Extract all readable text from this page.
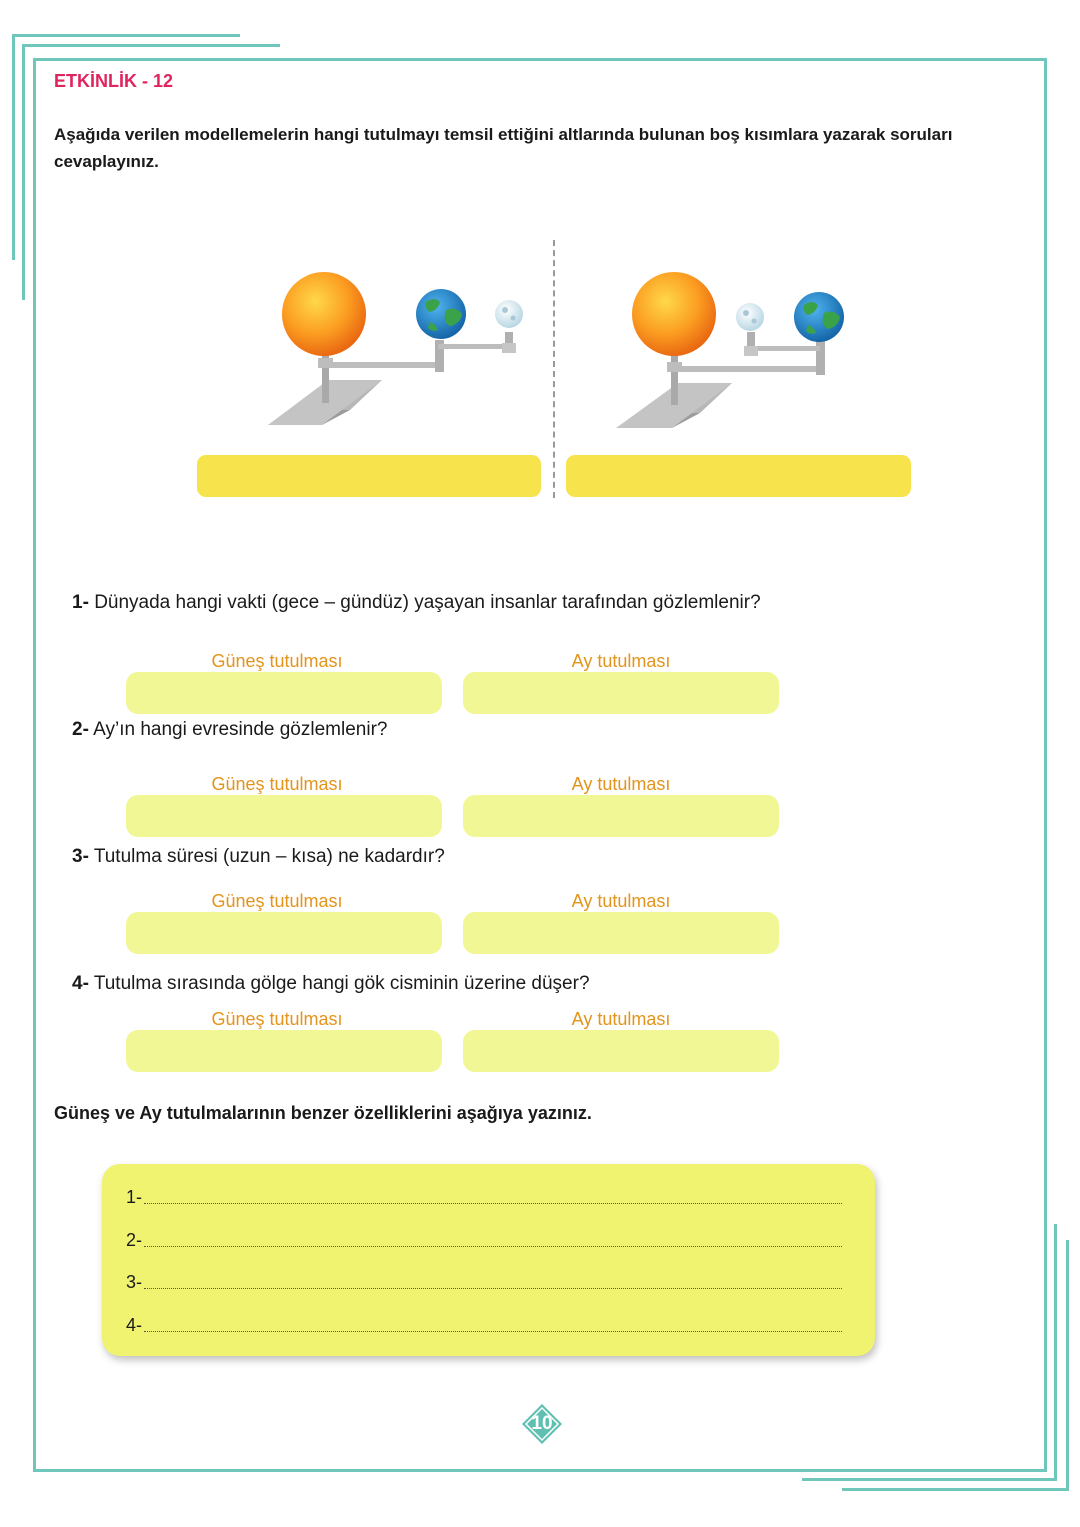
ETKİNLİK - 12
Aşağıda verilen modellemelerin hangi tutulmayı temsil ettiğini altlarında bulunan boş kısımlara yazarak soruları cevaplayınız.
1- Dünyada hangi vakti (gece – gündüz) yaşayan insanlar tarafından gözlemlenir?
Güneş tutulması	Ay tutulması
2- Ay’ın hangi evresinde gözlemlenir?
Güneş tutulması	Ay tutulması
3- Tutulma süresi (uzun – kısa) ne kadardır?
Güneş tutulması	Ay tutulması
4- Tutulma sırasında gölge hangi gök cisminin üzerine düşer?
Güneş tutulması	Ay tutulması
Güneş ve Ay tutulmalarının benzer özelliklerini aşağıya yazınız.
1-
2-
3-
4-
10
